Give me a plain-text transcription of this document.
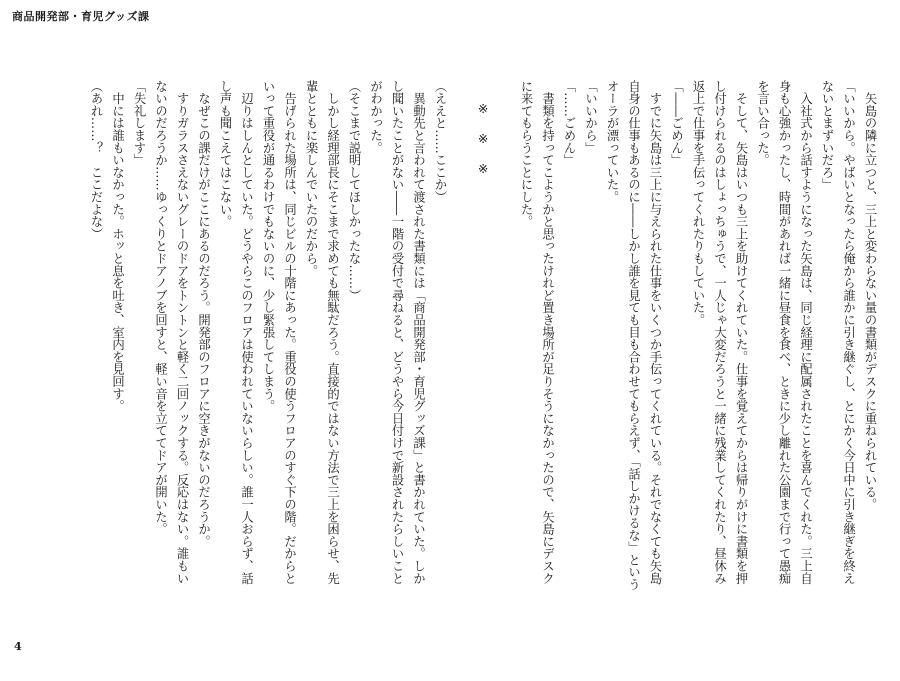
商品開発部・育児グッズ課

　矢島の隣に立つと、三上と変わらない量の書類がデスクに重ねられている。

「いいから。やばいとなったら俺から誰かに引き継ぐし、とにかく今日中に引き継ぎを終え

ないとまずいだろ」

　入社式から話すようになった矢島は、同じ経理に配属されたことを喜んでくれた。三上自

身も心強かったし、時間があれば一緒に昼食を食べ、ときに少し離れた公園まで行って愚痴

を言い合った。

　そして、矢島はいつも三上を助けてくれていた。仕事を覚えてからは帰りがけに書類を押

し付けられるのはしょっちゅうで、一人じゃ大変だろうと一緒に残業してくれたり、昼休み

返上で仕事を手伝ってくれたりもしていた。

「――ごめん」

　すでに矢島は三上に与えられた仕事をいくつか手伝ってくれている。それでなくても矢島

自身の仕事もあるのに――しかし誰を見ても目も合わせてもらえず、「話しかけるな」という

オーラが漂っていた。

「いいから」

「……ごめん」

　書類を持ってこようかと思ったけれど置き場所が足りそうになかったので、矢島にデスク

に来てもらうことにした。

※※※

（ええと……ここか）

　異動先と言われて渡された書類には「商品開発部・育児グッズ課」と書かれていた。しか

し聞いたことがない――一階の受付で尋ねると、どうやら今日付けで新設されたらしいこと

がわかった。

（そこまで説明してほしかったな……）

　しかし経理部長にそこまで求めても無駄だろう。直接的ではない方法で三上を困らせ、先

輩とともに楽しんでいたのだから。

　告げられた場所は、同じビルの十階にあった。重役の使うフロアのすぐ下の階。だからと

いって重役が通るわけでもないのに、少し緊張してしまう。

　辺りはしんとしていた。どうやらこのフロアは使われていないらしい。誰一人おらず、話

し声も聞こえてはこない。

　なぜこの課だけがここにあるのだろう。開発部のフロアに空きがないのだろうか。

　すりガラスさえないグレーのドアをトントンと軽く二回ノックする。反応はない。誰もい

ないのだろうか……ゆっくりとドアノブを回すと、軽い音を立ててドアが開いた。

「失礼します」

　中には誰もいなかった。ホッと息を吐き、室内を見回す。

（あれ……？　ここだよな）

4
